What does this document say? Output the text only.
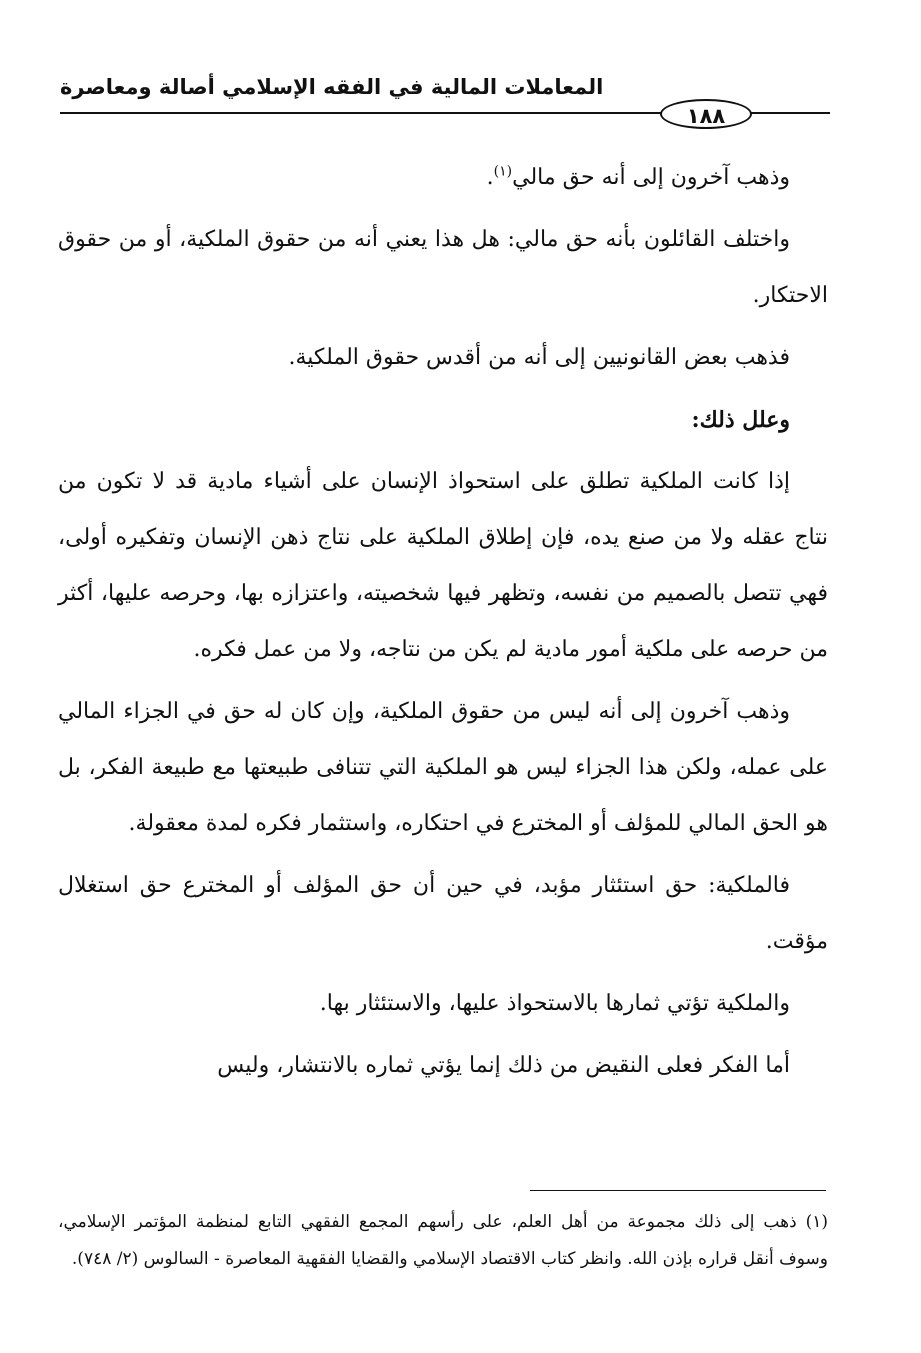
المعاملات المالية في الفقه الإسلامي أصالة ومعاصرة
١٨٨

وذهب آخرون إلى أنه حق مالي$^{(١)}$.

واختلف القائلون بأنه حق مالي: هل هذا يعني أنه من حقوق الملكية، أو من حقوق الاحتكار.

فذهب بعض القانونيين إلى أنه من أقدس حقوق الملكية.

وعلل ذلك:

إذا كانت الملكية تطلق على استحواذ الإنسان على أشياء مادية قد لا تكون من نتاج عقله ولا من صنع يده، فإن إطلاق الملكية على نتاج ذهن الإنسان وتفكيره أولى، فهي تتصل بالصميم من نفسه، وتظهر فيها شخصيته، واعتزازه بها، وحرصه عليها، أكثر من حرصه على ملكية أمور مادية لم يكن من نتاجه، ولا من عمل فكره.

وذهب آخرون إلى أنه ليس من حقوق الملكية، وإن كان له حق في الجزاء المالي على عمله، ولكن هذا الجزاء ليس هو الملكية التي تتنافى طبيعتها مع طبيعة الفكر، بل هو الحق المالي للمؤلف أو المخترع في احتكاره، واستثمار فكره لمدة معقولة.

فالملكية: حق استئثار مؤبد، في حين أن حق المؤلف أو المخترع حق استغلال مؤقت.

والملكية تؤتي ثمارها بالاستحواذ عليها، والاستئثار بها.

أما الفكر فعلى النقيض من ذلك إنما يؤتي ثماره بالانتشار، وليس

(١) ذهب إلى ذلك مجموعة من أهل العلم، على رأسهم المجمع الفقهي التابع لمنظمة المؤتمر الإسلامي، وسوف أنقل قراره بإذن الله. وانظر كتاب الاقتصاد الإسلامي والقضايا الفقهية المعاصرة - السالوس (٢/ ٧٤٨).
